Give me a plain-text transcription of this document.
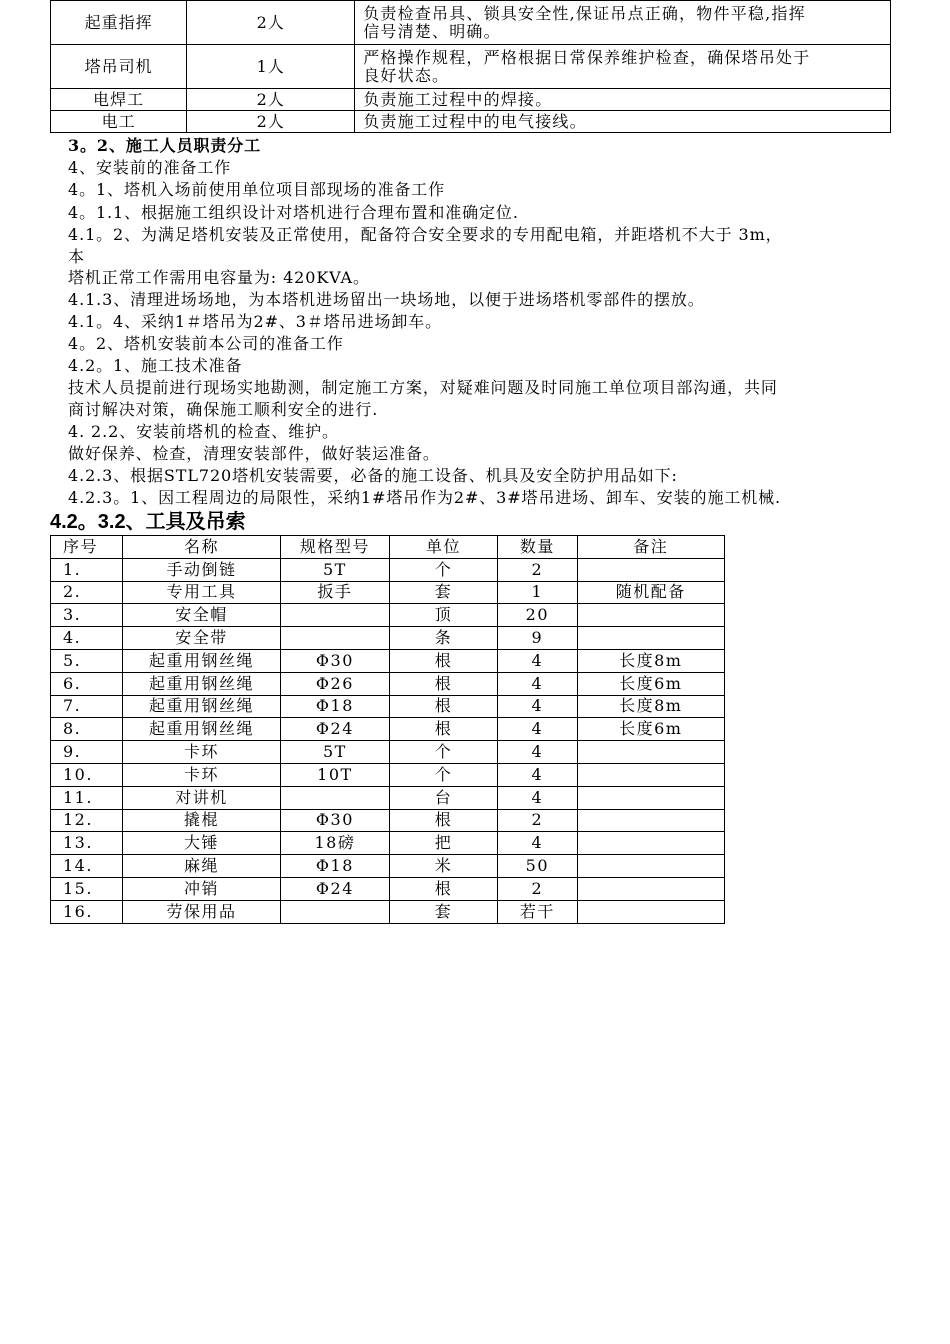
起重指挥	2人	负责检查吊具、锁具安全性,保证吊点正确，物件平稳,指挥
信号清楚、明确。
塔吊司机	1人	严格操作规程，严格根据日常保养维护检查，确保塔吊处于
良好状态。
电焊工	2人	负责施工过程中的焊接。
电工	2人	负责施工过程中的电气接线。
3。2、施工人员职责分工
4、安装前的准备工作
4。1、塔机入场前使用单位项目部现场的准备工作
4。1.1、根据施工组织设计对塔机进行合理布置和准确定位.
4.1。2、为满足塔机安装及正常使用，配备符合安全要求的专用配电箱，并距塔机不大于 3m，
本
塔机正常工作需用电容量为: 420KVA。
4.1.3、清理进场场地，为本塔机进场留出一块场地，以便于进场塔机零部件的摆放。
4.1。4、采纳1＃塔吊为2#、3＃塔吊进场卸车。
4。2、塔机安装前本公司的准备工作
4.2。1、施工技术准备
技术人员提前进行现场实地勘测，制定施工方案，对疑难问题及时同施工单位项目部沟通，共同
商讨解决对策，确保施工顺利安全的进行.
4. 2.2、安装前塔机的检查、维护。
做好保养、检查，清理安装部件，做好装运准备。
4.2.3、根据STL720塔机安装需要，必备的施工设备、机具及安全防护用品如下:
4.2.3。1、因工程周边的局限性，采纳1#塔吊作为2#、3#塔吊进场、卸车、安装的施工机械.
4.2。3.2、工具及吊索
序号	名称	规格型号	单位	数量	备注
1.	手动倒链	5T	个	2	
2.	专用工具	扳手	套	1	随机配备
3.	安全帽		顶	20	
4.	安全带		条	9	
5.	起重用钢丝绳	Φ30	根	4	长度8m
6.	起重用钢丝绳	Φ26	根	4	长度6m
7.	起重用钢丝绳	Φ18	根	4	长度8m
8.	起重用钢丝绳	Φ24	根	4	长度6m
9.	卡环	5T	个	4	
10.	卡环	10T	个	4	
11.	对讲机		台	4	
12.	撬棍	Φ30	根	2	
13.	大锤	18磅	把	4	
14.	麻绳	Φ18	米	50	
15.	冲销	Φ24	根	2	
16.	劳保用品		套	若干	
